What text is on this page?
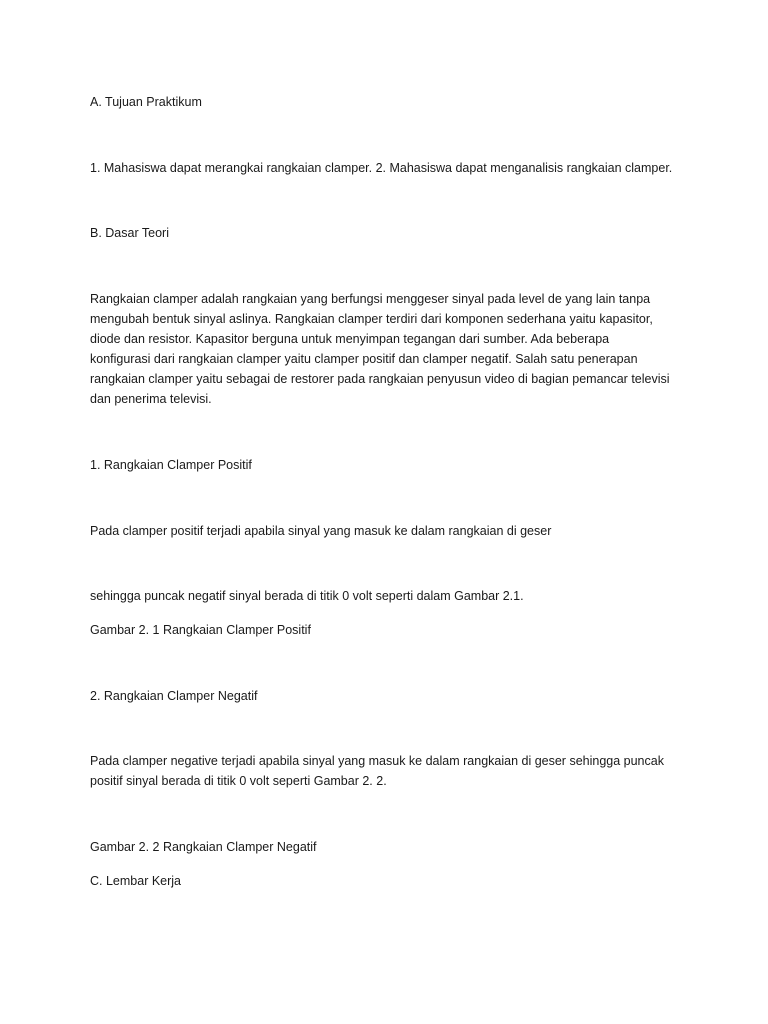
A. Tujuan Praktikum

1. Mahasiswa dapat merangkai rangkaian clamper. 2. Mahasiswa dapat menganalisis rangkaian clamper.

B. Dasar Teori

Rangkaian clamper adalah rangkaian yang berfungsi menggeser sinyal pada level de yang lain tanpa
mengubah bentuk sinyal aslinya. Rangkaian clamper terdiri dari komponen sederhana yaitu kapasitor,
diode dan resistor. Kapasitor berguna untuk menyimpan tegangan dari sumber. Ada beberapa
konfigurasi dari rangkaian clamper yaitu clamper positif dan clamper negatif. Salah satu penerapan
rangkaian clamper yaitu sebagai de restorer pada rangkaian penyusun video di bagian pemancar televisi
dan penerima televisi.

1. Rangkaian Clamper Positif

Pada clamper positif terjadi apabila sinyal yang masuk ke dalam rangkaian di geser

sehingga puncak negatif sinyal berada di titik 0 volt seperti dalam Gambar 2.1.

Gambar 2. 1 Rangkaian Clamper Positif

2. Rangkaian Clamper Negatif

Pada clamper negative terjadi apabila sinyal yang masuk ke dalam rangkaian di geser sehingga puncak
positif sinyal berada di titik 0 volt seperti Gambar 2. 2.

Gambar 2. 2 Rangkaian Clamper Negatif

C. Lembar Kerja
